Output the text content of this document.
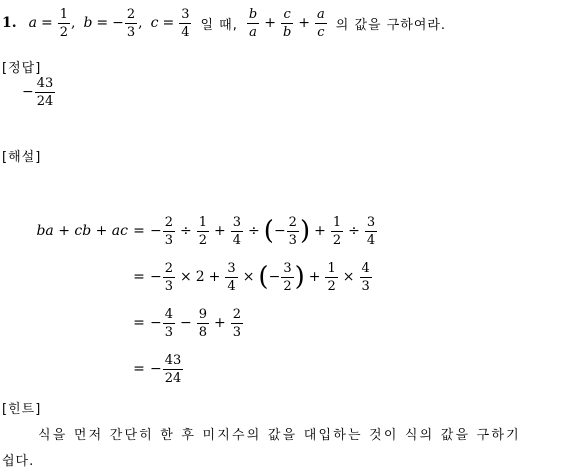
1. $a = \frac{1}{2}$ , b = − $\frac{2}{3}$ , $c = \frac{3}{4}$ 일 때, $\frac{b}{a} + \frac{c}{b} + \frac{a}{c}$ 의 값을 구하여라.
[정답]
− $\frac{43}{24}$
[해설]
ba + cb + ac = − $\frac{2}{3} \div \frac{1}{2} + \frac{3}{4}$ ÷ ( − $\frac{2}{3}$ ) + $\frac{1}{2} \div \frac{3}{4}$
= − $\frac{2}{3} \times 2 + \frac{3}{4}$ × ( − $\frac{3}{2}$ ) + $\frac{1}{2} \times \frac{4}{3}$
= − $\frac{4}{3} - \frac{9}{8} + \frac{2}{3}$
= − $\frac{43}{24}$
[힌트]
식을 먼저 간단히 한 후 미지수의 값을 대입하는 것이 식의 값을 구하기
쉽다.
